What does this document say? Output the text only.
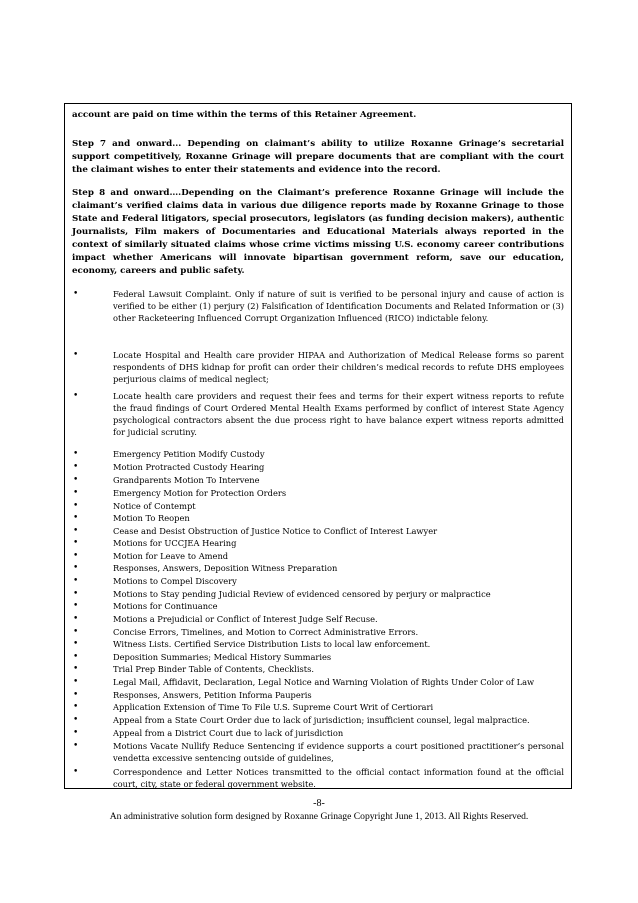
account are paid on time within the terms of this Retainer Agreement.

Step 7 and onward... Depending on claimant’s ability to utilize Roxanne Grinage’s secretarial support competitively, Roxanne Grinage will prepare documents that are compliant with the court the claimant wishes to enter their statements and evidence into the record.

Step 8 and onward….Depending on the Claimant’s preference Roxanne Grinage will include the claimant’s verified claims data in various due diligence reports made by Roxanne Grinage to those State and Federal litigators, special prosecutors, legislators (as funding decision makers), authentic Journalists, Film makers of Documentaries and Educational Materials always reported in the context of similarly situated claims whose crime victims missing U.S. economy career contributions impact whether Americans will innovate bipartisan government reform, save our education, economy, careers and public safety.

•	Federal Lawsuit Complaint. Only if nature of suit is verified to be personal injury and cause of action is verified to be either (1) perjury (2) Falsification of Identification Documents and Related Information or (3) other Racketeering Influenced Corrupt Organization Influenced (RICO) indictable felony.

•	Locate Hospital and Health care provider HIPAA and Authorization of Medical Release forms so parent respondents of DHS kidnap for profit can order their children’s medical records to refute DHS employees perjurious claims of medical neglect;

•	Locate health care providers and request their fees and terms for their expert witness reports to refute the fraud findings of Court Ordered Mental Health Exams performed by conflict of interest State Agency psychological contractors absent the due process right to have balance expert witness reports admitted for judicial scrutiny.

•	Emergency Petition Modify Custody

•	Motion Protracted Custody Hearing

•	Grandparents Motion To Intervene

•	Emergency Motion for Protection Orders

•	Notice of Contempt

•	Motion To Reopen

•	Cease and Desist Obstruction of Justice Notice to Conflict of Interest Lawyer

•	Motions for UCCJEA Hearing

•	Motion for Leave to Amend

•	Responses, Answers, Deposition Witness Preparation

•	Motions to Compel Discovery

•	Motions to Stay pending Judicial Review of evidenced censored by perjury or malpractice

•	Motions for Continuance

•	Motions a Prejudicial or Conflict of Interest Judge Self Recuse.

•	Concise Errors, Timelines, and Motion to Correct Administrative Errors.

•	Witness Lists. Certified Service Distribution Lists to local law enforcement.

•	Deposition Summaries; Medical History Summaries

•	Trial Prep Binder Table of Contents, Checklists.

•	Legal Mail, Affidavit, Declaration, Legal Notice and Warning Violation of Rights Under Color of Law

•	Responses, Answers, Petition Informa Pauperis

•	Application Extension of Time To File U.S. Supreme Court Writ of Certiorari

•	Appeal from a State Court Order due to lack of jurisdiction; insufficient counsel, legal malpractice.

•	Appeal from a District Court due to lack of jurisdiction

•	Motions Vacate Nullify Reduce Sentencing if evidence supports a court positioned practitioner’s personal vendetta excessive sentencing outside of guidelines,

•	Correspondence and Letter Notices transmitted to the official contact information found at the official court, city, state or federal government website.

-8-
An administrative solution form designed by Roxanne Grinage Copyright June 1, 2013. All Rights Reserved.
